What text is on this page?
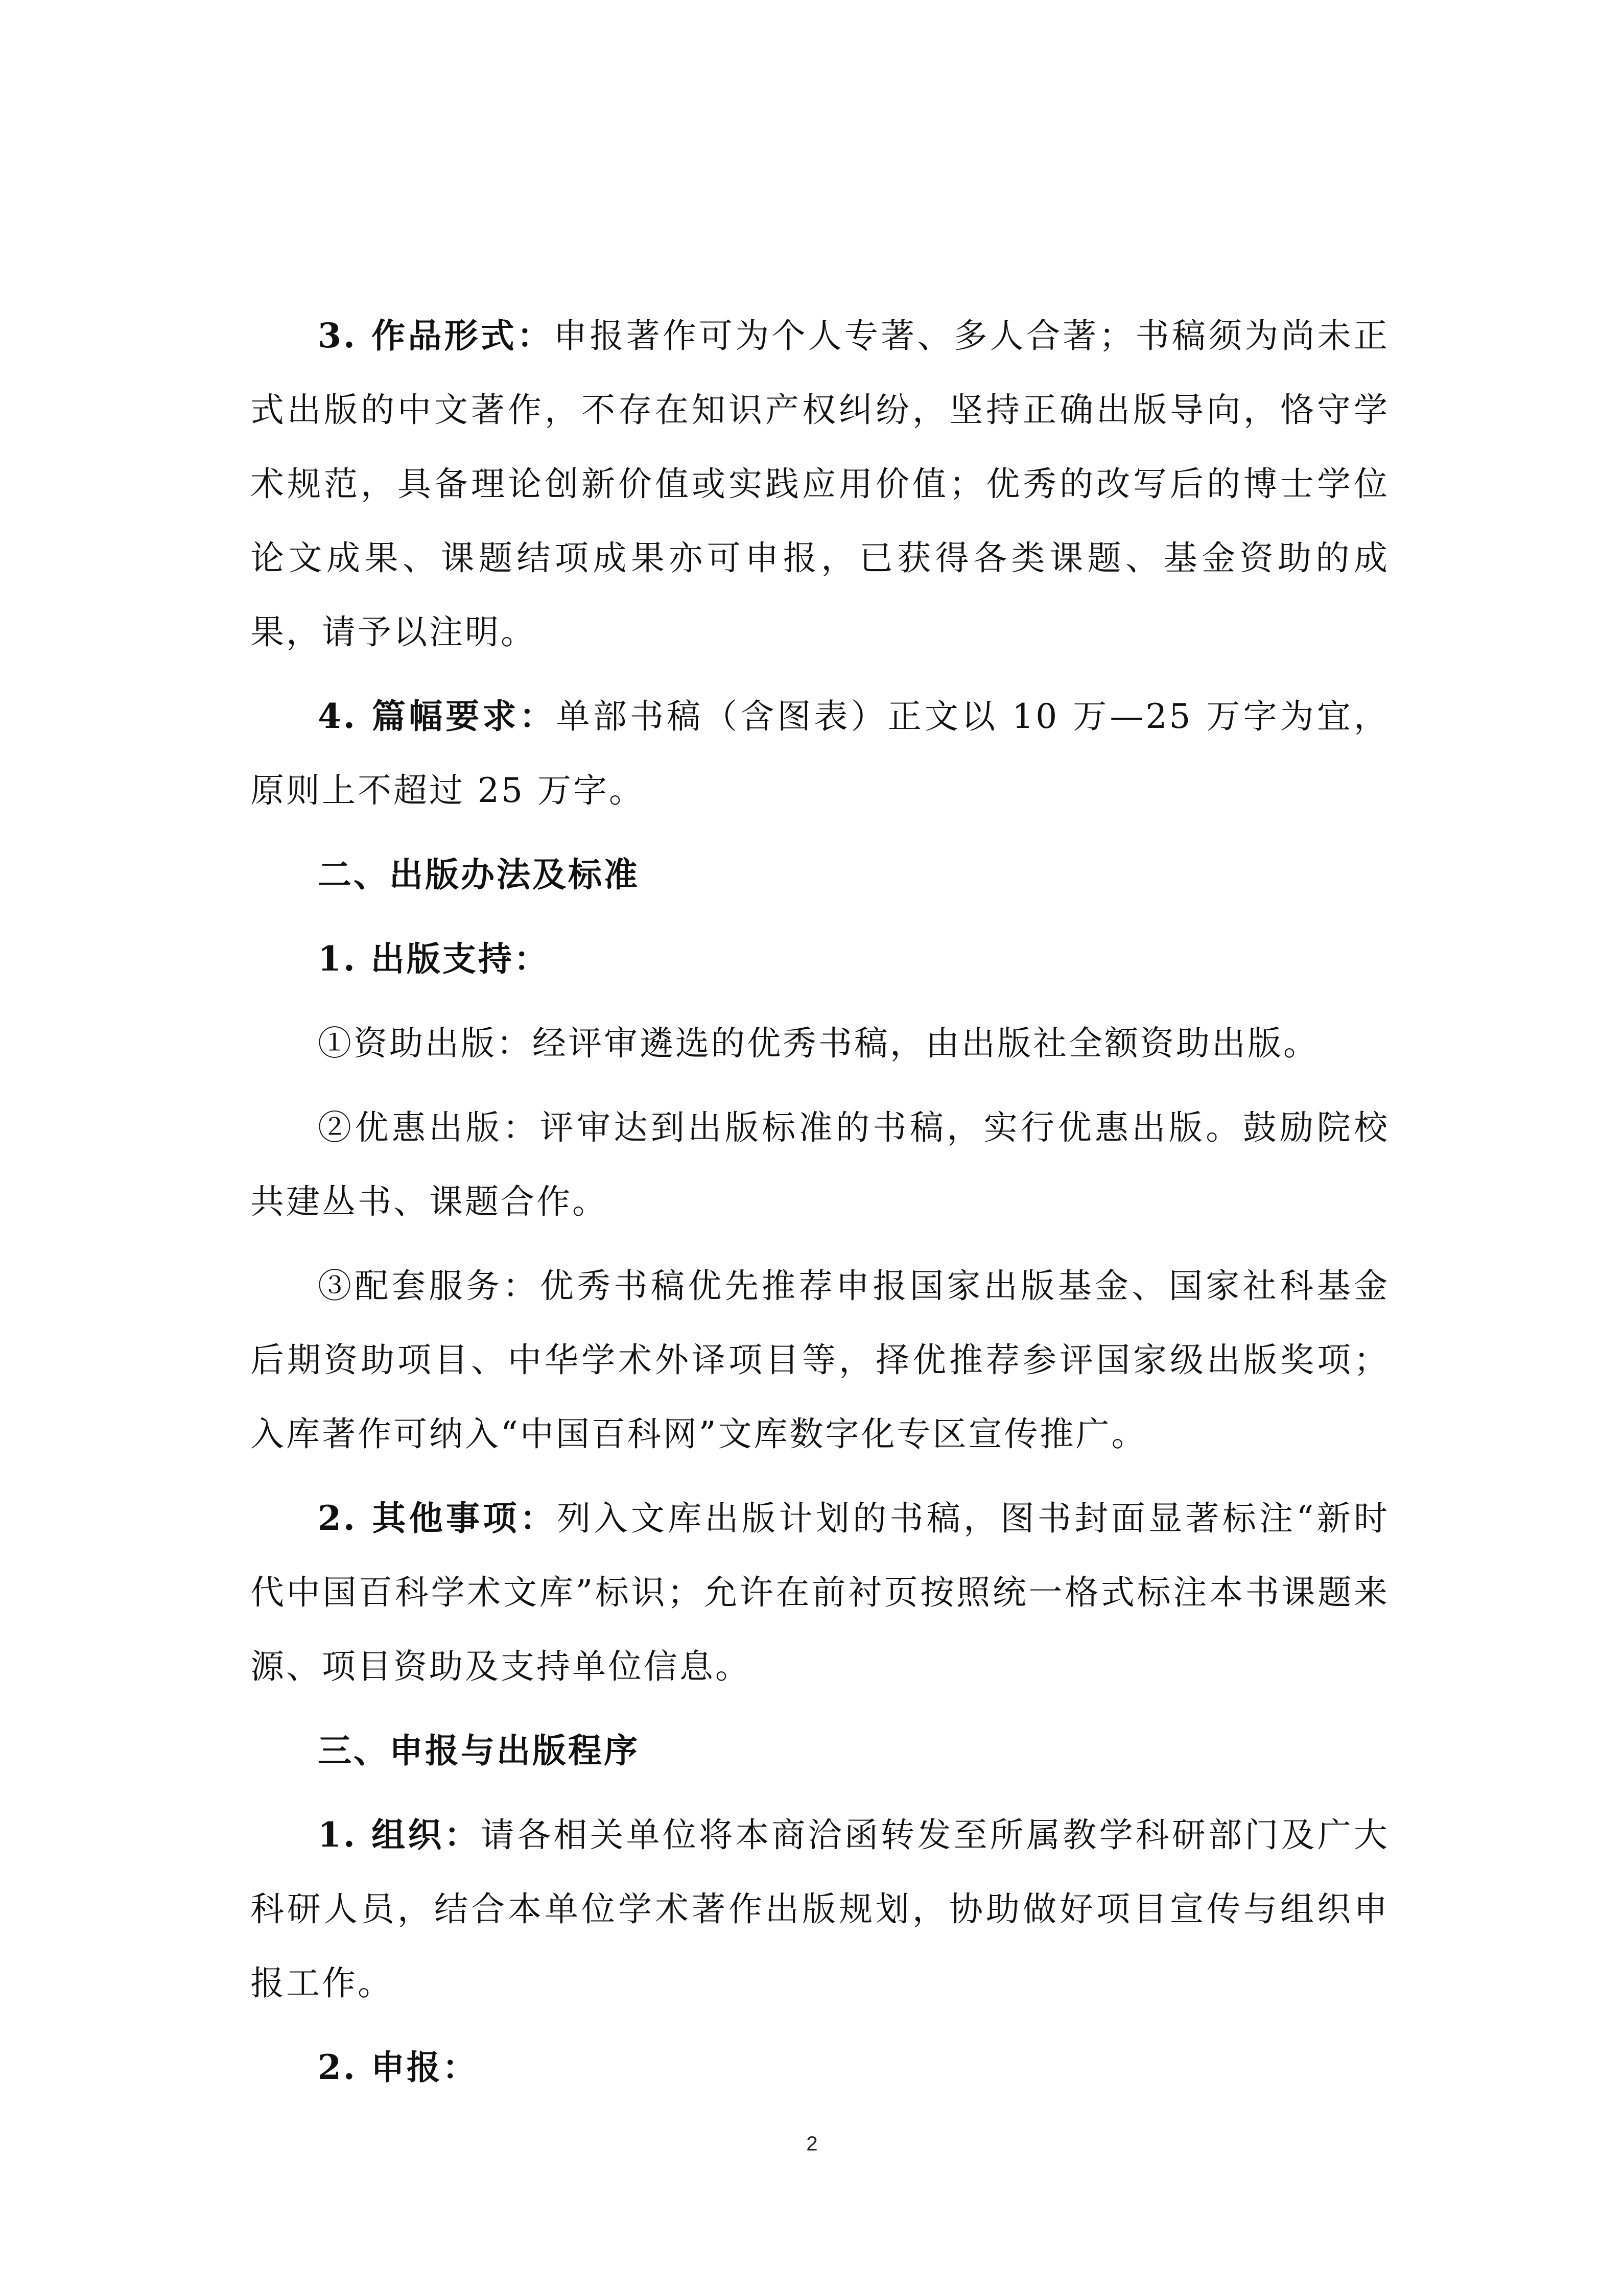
3. 作品形式：申报著作可为个人专著、多人合著；书稿须为尚未正式出版的中文著作，不存在知识产权纠纷，坚持正确出版导向，恪守学术规范，具备理论创新价值或实践应用价值；优秀的改写后的博士学位论文成果、课题结项成果亦可申报，已获得各类课题、基金资助的成果，请予以注明。

4. 篇幅要求：单部书稿（含图表）正文以 10 万—25 万字为宜，原则上不超过 25 万字。

二、出版办法及标准

1. 出版支持：

①资助出版：经评审遴选的优秀书稿，由出版社全额资助出版。

②优惠出版：评审达到出版标准的书稿，实行优惠出版。鼓励院校共建丛书、课题合作。

③配套服务：优秀书稿优先推荐申报国家出版基金、国家社科基金后期资助项目、中华学术外译项目等，择优推荐参评国家级出版奖项；入库著作可纳入“中国百科网”文库数字化专区宣传推广。

2. 其他事项：列入文库出版计划的书稿，图书封面显著标注“新时代中国百科学术文库”标识；允许在前衬页按照统一格式标注本书课题来源、项目资助及支持单位信息。

三、申报与出版程序

1. 组织：请各相关单位将本商洽函转发至所属教学科研部门及广大科研人员，结合本单位学术著作出版规划，协助做好项目宣传与组织申报工作。

2. 申报：

2
